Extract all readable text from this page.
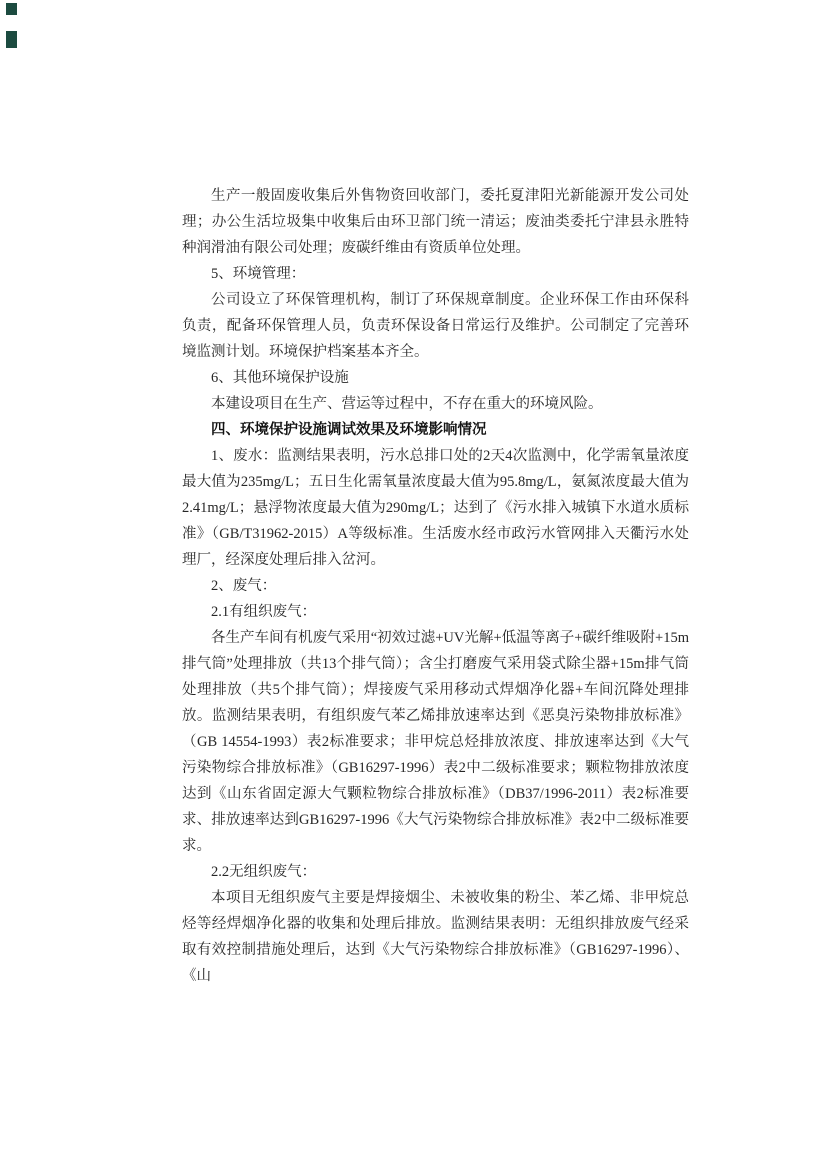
生产一般固废收集后外售物资回收部门，委托夏津阳光新能源开发公司处理；办公生活垃圾集中收集后由环卫部门统一清运；废油类委托宁津县永胜特种润滑油有限公司处理；废碳纤维由有资质单位处理。

5、环境管理：

公司设立了环保管理机构，制订了环保规章制度。企业环保工作由环保科负责，配备环保管理人员，负责环保设备日常运行及维护。公司制定了完善环境监测计划。环境保护档案基本齐全。

6、其他环境保护设施

本建设项目在生产、营运等过程中，不存在重大的环境风险。

四、环境保护设施调试效果及环境影响情况

1、废水：监测结果表明，污水总排口处的2天4次监测中，化学需氧量浓度最大值为235mg/L；五日生化需氧量浓度最大值为95.8mg/L，氨氮浓度最大值为2.41mg/L；悬浮物浓度最大值为290mg/L；达到了《污水排入城镇下水道水质标准》（GB/T31962-2015）A等级标准。生活废水经市政污水管网排入天衢污水处理厂，经深度处理后排入岔河。

2、废气：

2.1有组织废气：

各生产车间有机废气采用“初效过滤+UV光解+低温等离子+碳纤维吸附+15m排气筒”处理排放（共13个排气筒）；含尘打磨废气采用袋式除尘器+15m排气筒处理排放（共5个排气筒）；焊接废气采用移动式焊烟净化器+车间沉降处理排放。监测结果表明，有组织废气苯乙烯排放速率达到《恶臭污染物排放标准》（GB 14554-1993）表2标准要求；非甲烷总烃排放浓度、排放速率达到《大气污染物综合排放标准》（GB16297-1996）表2中二级标准要求；颗粒物排放浓度达到《山东省固定源大气颗粒物综合排放标准》（DB37/1996-2011）表2标准要求、排放速率达到GB16297-1996《大气污染物综合排放标准》表2中二级标准要求。

2.2无组织废气：

本项目无组织废气主要是焊接烟尘、未被收集的粉尘、苯乙烯、非甲烷总烃等经焊烟净化器的收集和处理后排放。监测结果表明：无组织排放废气经采取有效控制措施处理后，达到《大气污染物综合排放标准》（GB16297-1996）、《山
